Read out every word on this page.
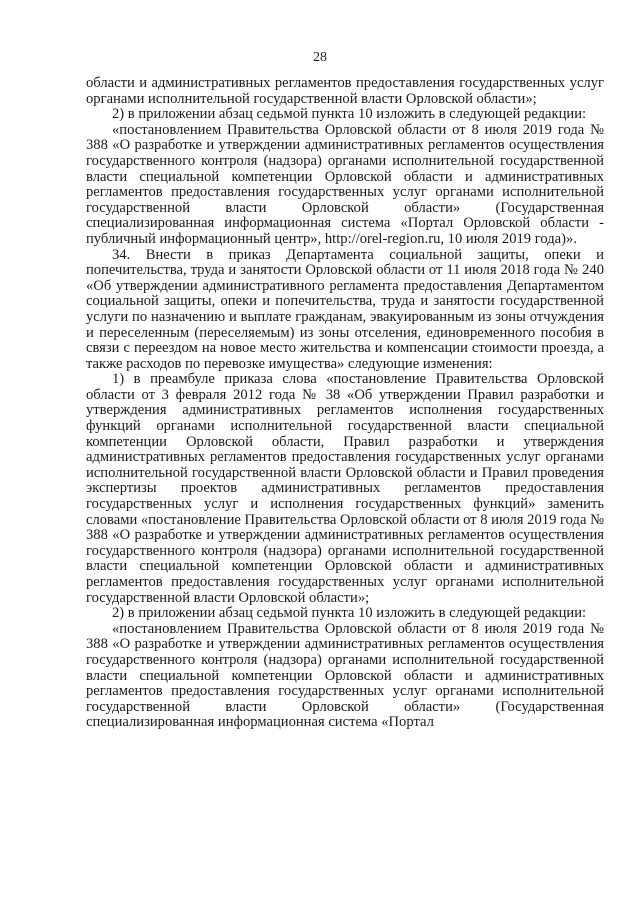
28

области и административных регламентов предоставления государственных услуг органами исполнительной государственной власти Орловской области»;

2) в приложении абзац седьмой пункта 10 изложить в следующей редакции:

«постановлением Правительства Орловской области от 8 июля 2019 года № 388 «О разработке и утверждении административных регламентов осуществления государственного контроля (надзора) органами исполнительной государственной власти специальной компетенции Орловской области и административных регламентов предоставления государственных услуг органами исполнительной государственной власти Орловской области» (Государственная специализированная информационная система «Портал Орловской области - публичный информационный центр», http://orel-region.ru, 10 июля 2019 года)».

34. Внести в приказ Департамента социальной защиты, опеки и попечительства, труда и занятости Орловской области от 11 июля 2018 года № 240 «Об утверждении административного регламента предоставления Департаментом социальной защиты, опеки и попечительства, труда и занятости государственной услуги по назначению и выплате гражданам, эвакуированным из зоны отчуждения и переселенным (переселяемым) из зоны отселения, единовременного пособия в связи с переездом на новое место жительства и компенсации стоимости проезда, а также расходов по перевозке имущества» следующие изменения:

1) в преамбуле приказа слова «постановление Правительства Орловской области от 3 февраля 2012 года № 38 «Об утверждении Правил разработки и утверждения административных регламентов исполнения государственных функций органами исполнительной государственной власти специальной компетенции Орловской области, Правил разработки и утверждения административных регламентов предоставления государственных услуг органами исполнительной государственной власти Орловской области и Правил проведения экспертизы проектов административных регламентов предоставления государственных услуг и исполнения государственных функций» заменить словами «постановление Правительства Орловской области от 8 июля 2019 года № 388 «О разработке и утверждении административных регламентов осуществления государственного контроля (надзора) органами исполнительной государственной власти специальной компетенции Орловской области и административных регламентов предоставления государственных услуг органами исполнительной государственной власти Орловской области»;

2) в приложении абзац седьмой пункта 10 изложить в следующей редакции:

«постановлением Правительства Орловской области от 8 июля 2019 года № 388 «О разработке и утверждении административных регламентов осуществления государственного контроля (надзора) органами исполнительной государственной власти специальной компетенции Орловской области и административных регламентов предоставления государственных услуг органами исполнительной государственной власти Орловской области» (Государственная специализированная информационная система «Портал
